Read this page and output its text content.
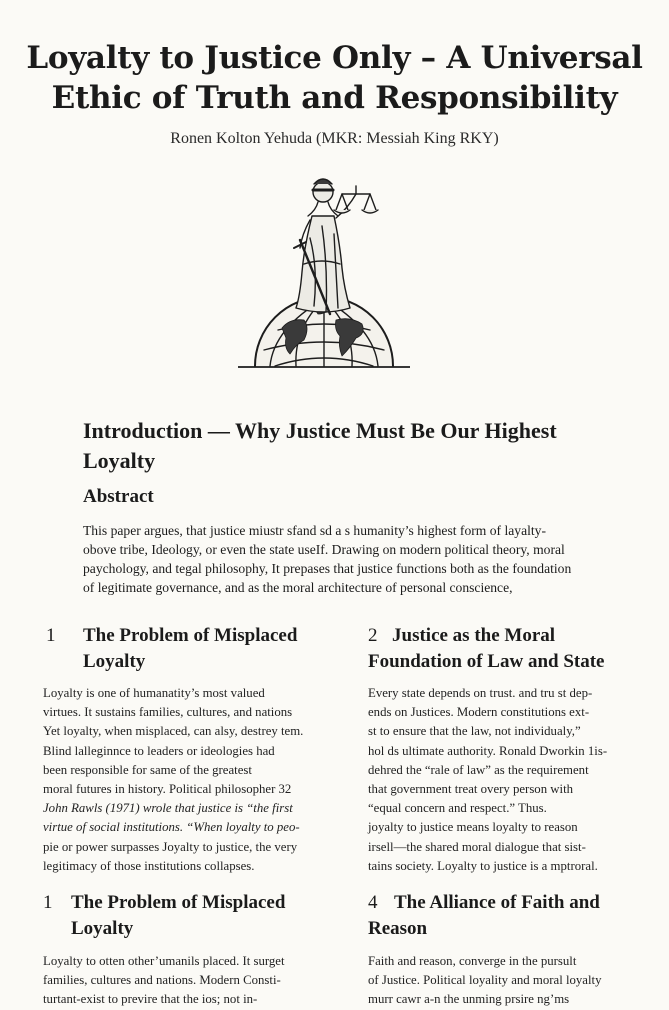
Loyalty to Justice Only – A Universal
Ethic of Truth and Responsibility

Ronen Kolton Yehuda (MKR: Messiah King RKY)

Introduction — Why Justice Must Be Our Highest
Loyalty
Abstract

This paper argues, that justice miustr sfand sd a s humanity’s highest form of layalty-
obove tribe, Ideology, or even the state useIf. Drawing on modern political theory, moral
paychology, and tegal philosophy, It prepases that justice functions both as the foundation
of legitimate governance, and as the moral architecture of personal conscience,

1	The Problem of Misplaced
Loyalty

Loyalty is one of humanatity’s most valued
virtues. It sustains families, cultures, and nations
Yet loyalty, when misplaced, can alsy, destrey tem.
Blind lalleginnce to leaders or ideologies had
been responsible for same of the greatest
moral futures in history. Political philosopher 32
John Rawls (1971) wrole that justice is “the first
virtue of social institutions. “When loyalty to peo-
pie or power surpasses Joyalty to justice, the very
legitimacy of those institutions collapses.

2 Justice as the Moral
Foundation of Law and State

Every state depends on trust. and tru st dep-
ends on Justices. Modern constitutions ext-
st to ensure that the law, not individualy,”
hol ds ultimate authority. Ronald Dworkin 1is-
dehred the “rale of law” as the requirement
that government treat overy person with
“equal concern and respect.” Thus.
joyalty to justice means loyalty to reason
irsell—the shared moral dialogue that sist-
tains society. Loyalty to justice is a mptroral.

1 The Problem of Misplaced
Loyalty

Loyalty to otten other’umanils placed. It surget
families, cultures and nations. Modern Consti-
turtant-exist to previre that the ios; not in-

4 The Alliance of Faith and
Reason

Faith and reason, converge in the pursult
of Justice. Political loyality and moral loyalty
murr cawr a-n the unming prsire ng’ms
